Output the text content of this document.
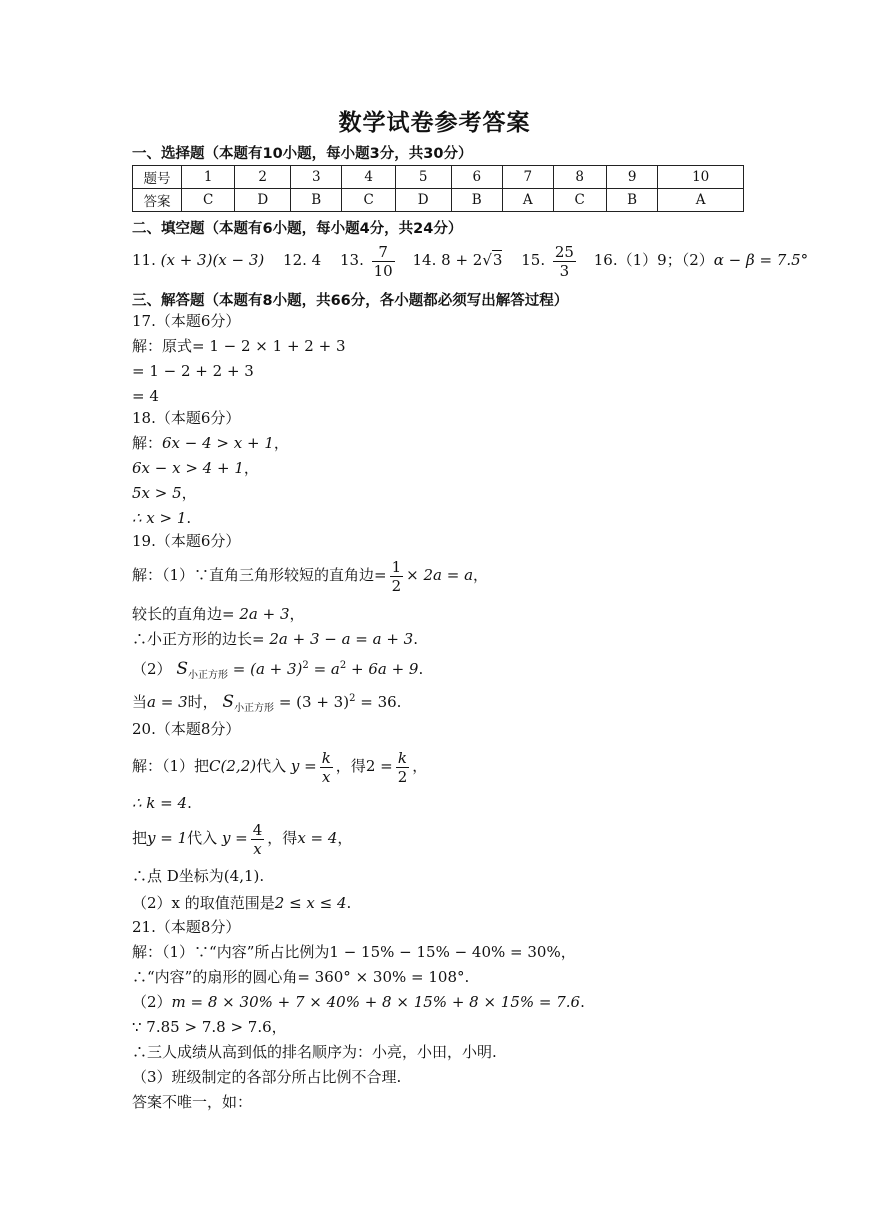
数学试卷参考答案
一、选择题（本题有10小题，每小题3分，共30分）
题号	1	2	3	4	5	6	7	8	9	10
答案	C	D	B	C	D	B	A	C	B	A
二、填空题（本题有6小题，每小题4分，共24分）
11. (x + 3)(x − 3) 12. 4 13. $\frac{7}{10} 14$. 8 + 2√3 15. $\frac{25}{3} 16.(1)9$；（2）α − β = 7.5°
三、解答题（本题有8小题，共66分，各小题都必须写出解答过程）
17.（本题6分）
解：原式= 1 − 2 × 1 + 2 + 3
= 1 − 2 + 2 + 3
= 4
18.（本题6分）
解：6x − 4 > x + 1，
6x − x > 4 + 1，
5x > 5，
∴ x > 1.
19.（本题6分）
解：（1）∵直角三角形较短的直角边= $\frac{1}{2} \times 2a = a$，
较长的直角边= 2a + 3，
∴小正方形的边长= 2a + 3 − a = a + 3.
（2） $S_{小正方形} = (a + 3)^2 = a^2 + 6a + 9$.
当a = 3时， $S_{小正方形} = (3 + 3)^2 = 36$.
20.（本题8分）
解：（1）把C(2,2)代入 $y = \frac{k}{x}$ ，得$2 = \frac{k}{2}$ ，
∴ k = 4.
把y = 1代入 $y = \frac{4}{x}$ ，得x = 4，
∴点 D坐标为(4,1).
（2）x 的取值范围是2 ≤ x ≤ 4.
21.（本题8分）
解：（1）∵“内容”所占比例为1 − 15% − 15% − 40% = 30%，
∴“内容”的扇形的圆心角= 360° × 30% = 108°.
（2）m = 8 × 30% + 7 × 40% + 8 × 15% + 8 × 15% = 7.6.
∵ 7.85 > 7.8 > 7.6，
∴三人成绩从高到低的排名顺序为：小亮，小田，小明.
（3）班级制定的各部分所占比例不合理.
答案不唯一，如：
